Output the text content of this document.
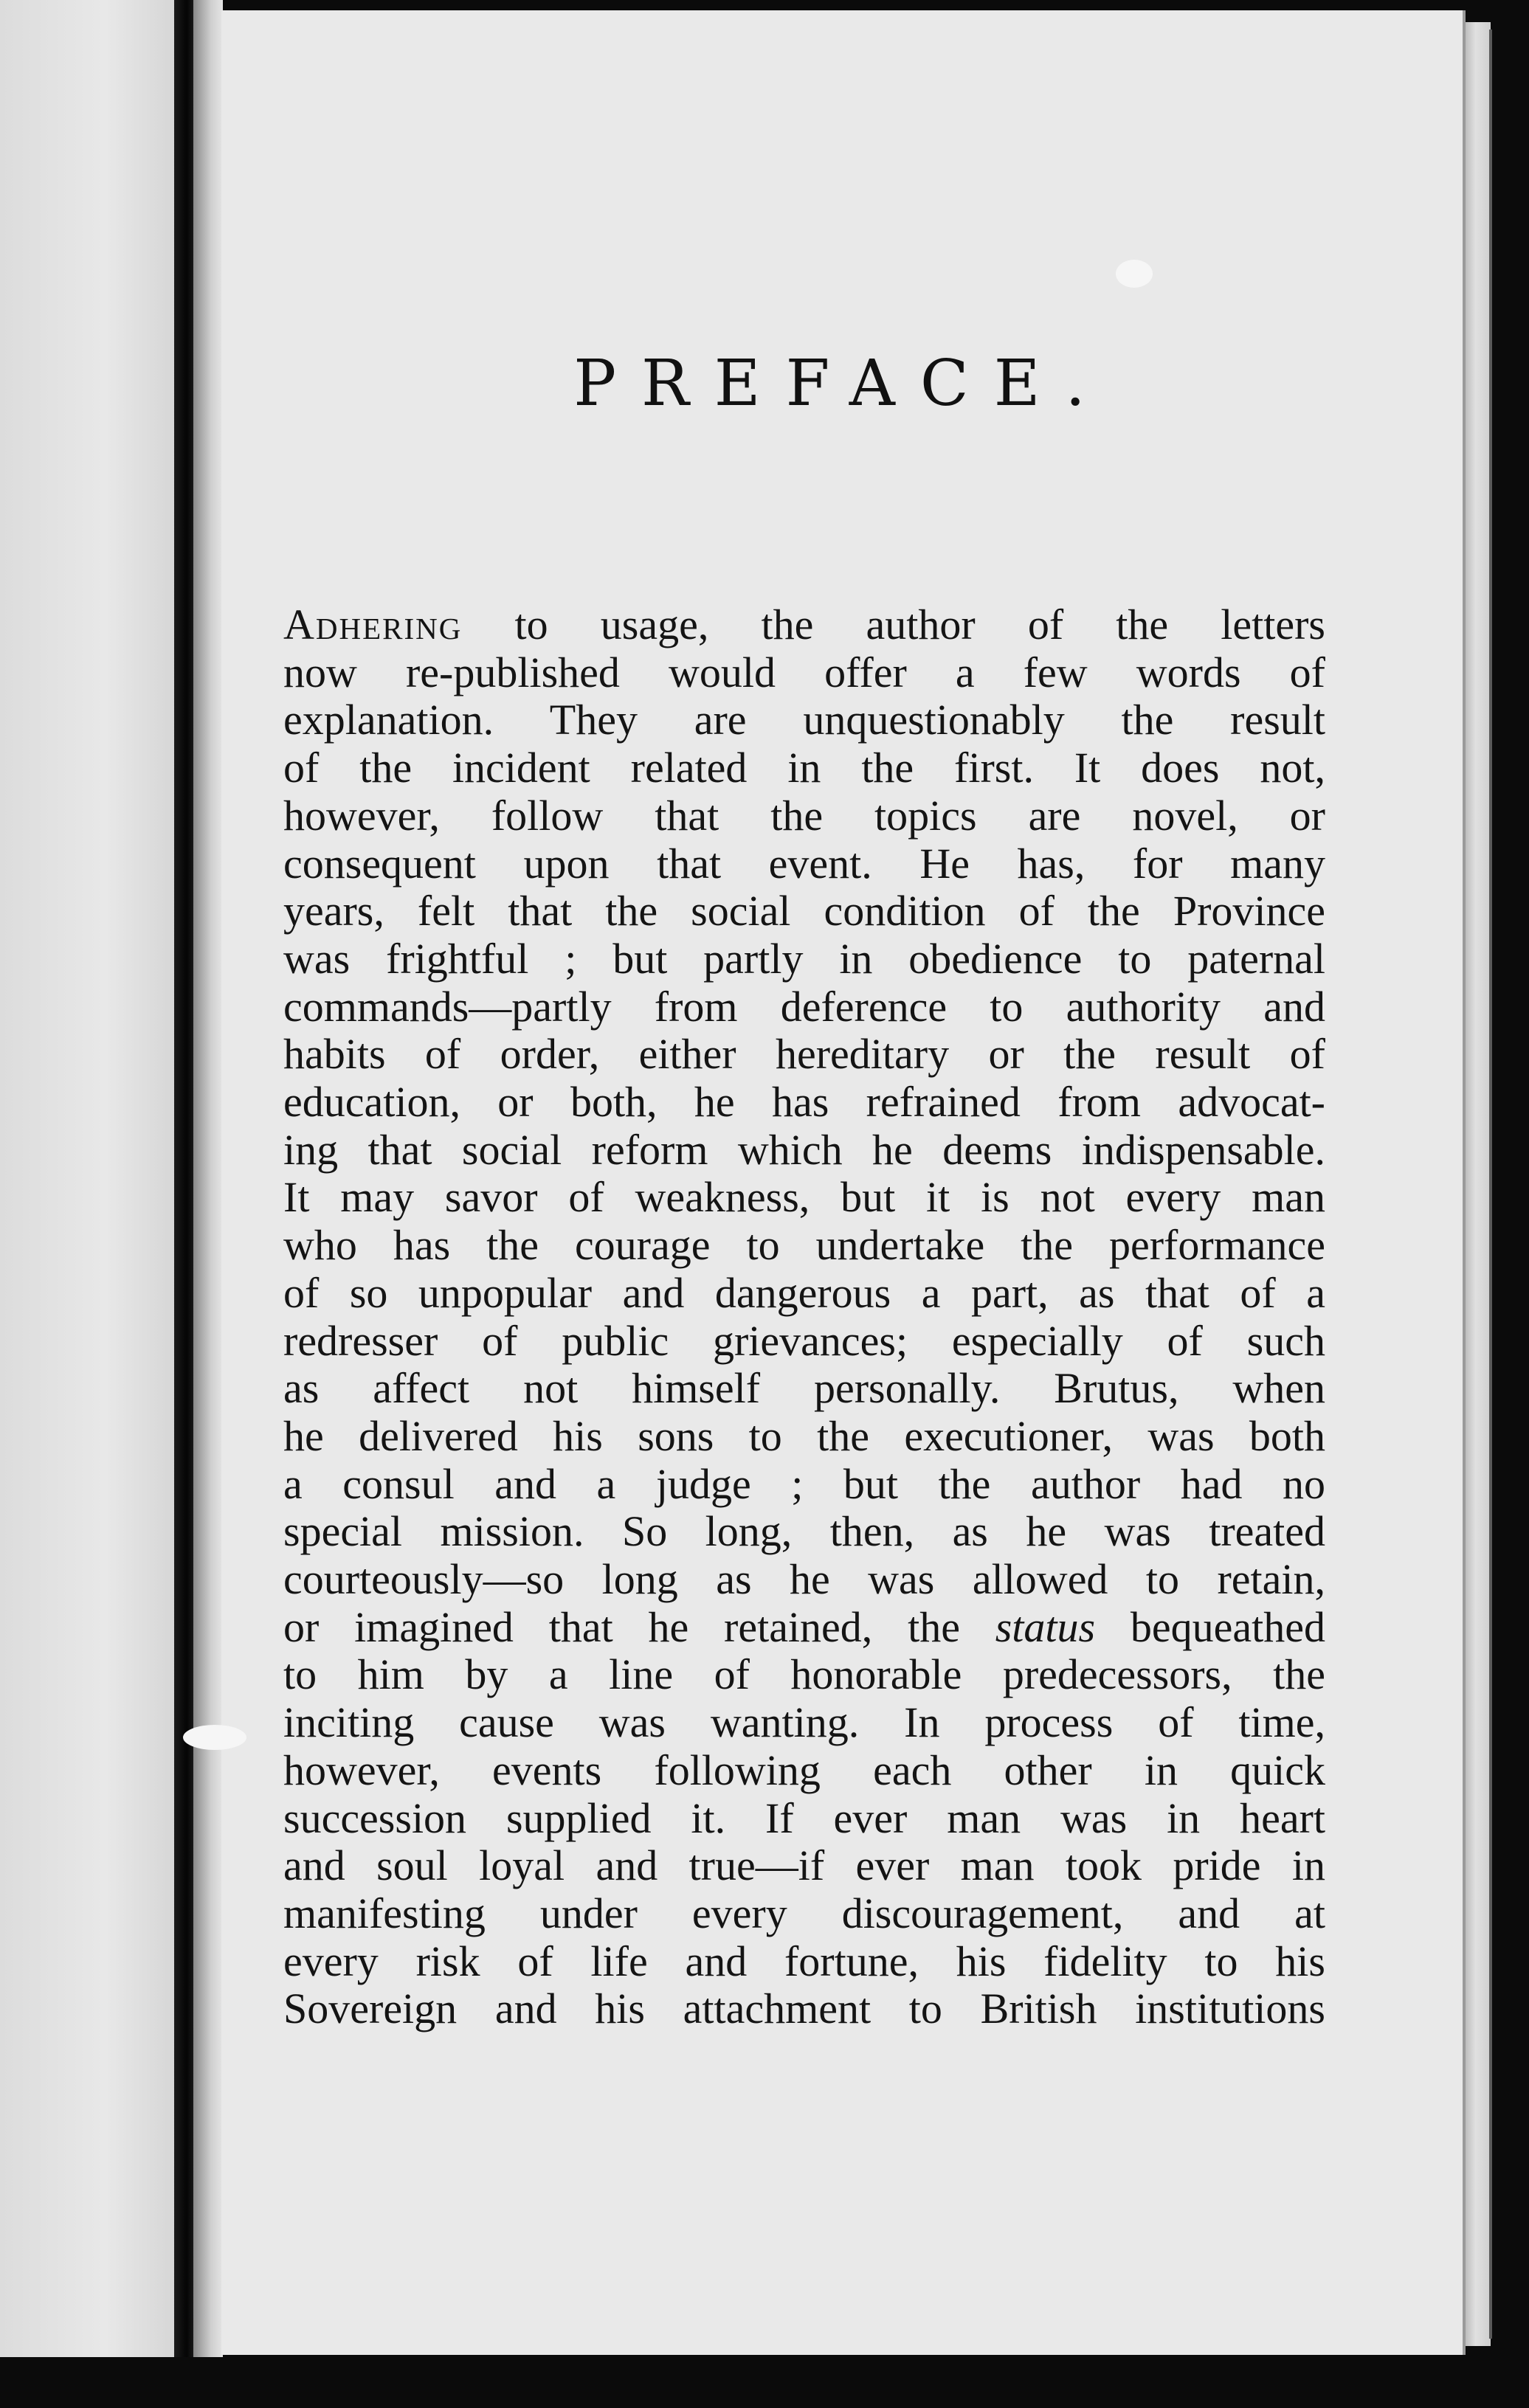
PREFACE.
Adhering to usage, the author of the letters
now re-published would offer a few words of
explanation. They are unquestionably the result
of the incident related in the first. It does not,
however, follow that the topics are novel, or
consequent upon that event. He has, for many
years, felt that the social condition of the Province
was frightful ; but partly in obedience to paternal
commands—partly from deference to authority and
habits of order, either hereditary or the result of
education, or both, he has refrained from advocat-
ing that social reform which he deems indispensable.
It may savor of weakness, but it is not every man
who has the courage to undertake the performance
of so unpopular and dangerous a part, as that of a
redresser of public grievances; especially of such
as affect not himself personally. Brutus, when
he delivered his sons to the executioner, was both
a consul and a judge ; but the author had no
special mission. So long, then, as he was treated
courteously—so long as he was allowed to retain,
or imagined that he retained, the status bequeathed
to him by a line of honorable predecessors, the
inciting cause was wanting. In process of time,
however, events following each other in quick
succession supplied it. If ever man was in heart
and soul loyal and true—if ever man took pride in
manifesting under every discouragement, and at
every risk of life and fortune, his fidelity to his
Sovereign and his attachment to British institutions
